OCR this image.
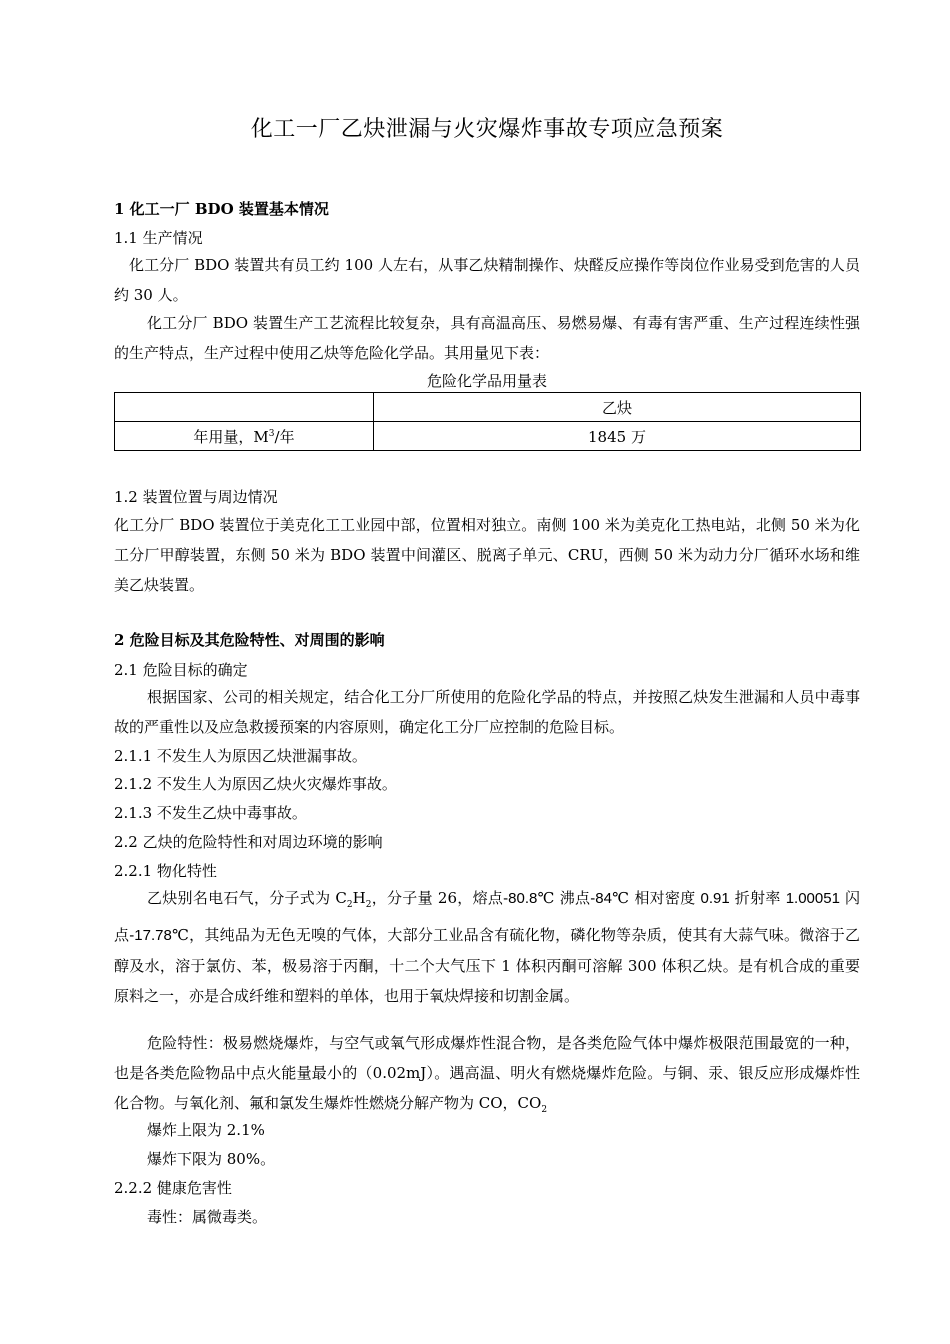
化工一厂乙炔泄漏与火灾爆炸事故专项应急预案
1 化工一厂 BDO 装置基本情况
1.1 生产情况

化工分厂 BDO 装置共有员工约 100 人左右，从事乙炔精制操作、炔醛反应操作等岗位作业易受到危害的人员约 30 人。

化工分厂 BDO 装置生产工艺流程比较复杂，具有高温高压、易燃易爆、有毒有害严重、生产过程连续性强的生产特点，生产过程中使用乙炔等危险化学品。其用量见下表：

危险化学品用量表
	乙炔
年用量，$M^3/$年	1845 万
1.2 装置位置与周边情况

化工分厂 BDO 装置位于美克化工工业园中部，位置相对独立。南侧 100 米为美克化工热电站，北侧 50 米为化工分厂甲醇装置，东侧 50 米为 BDO 装置中间灌区、脱离子单元、CRU，西侧 50 米为动力分厂循环水场和维美乙炔装置。

2 危险目标及其危险特性、对周围的影响
2.1 危险目标的确定

根据国家、公司的相关规定，结合化工分厂所使用的危险化学品的特点，并按照乙炔发生泄漏和人员中毒事故的严重性以及应急救援预案的内容原则，确定化工分厂应控制的危险目标。

2.1.1 不发生人为原因乙炔泄漏事故。
2.1.2 不发生人为原因乙炔火灾爆炸事故。
2.1.3 不发生乙炔中毒事故。
2.2 乙炔的危险特性和对周边环境的影响
2.2.1 物化特性

乙炔别名电石气，分子式为 $C_2H_2$，分子量 26，熔点-80.8℃ 沸点-84℃ 相对密度 0.91 折射率 1.00051 闪点-17.78℃，其纯品为无色无嗅的气体，大部分工业品含有硫化物，磷化物等杂质，使其有大蒜气味。微溶于乙醇及水，溶于氯仿、苯，极易溶于丙酮，十二个大气压下 1 体积丙酮可溶解 300 体积乙炔。是有机合成的重要原料之一，亦是合成纤维和塑料的单体，也用于氧炔焊接和切割金属。

危险特性：极易燃烧爆炸，与空气或氧气形成爆炸性混合物，是各类危险气体中爆炸极限范围最宽的一种，也是各类危险物品中点火能量最小的（0.02mJ）。遇高温、明火有燃烧爆炸危险。与铜、汞、银反应形成爆炸性化合物。与氧化剂、氟和氯发生爆炸性燃烧分解产物为 CO，$CO_2$

爆炸上限为 2.1%
爆炸下限为 80%。
2.2.2 健康危害性
毒性：属微毒类。
